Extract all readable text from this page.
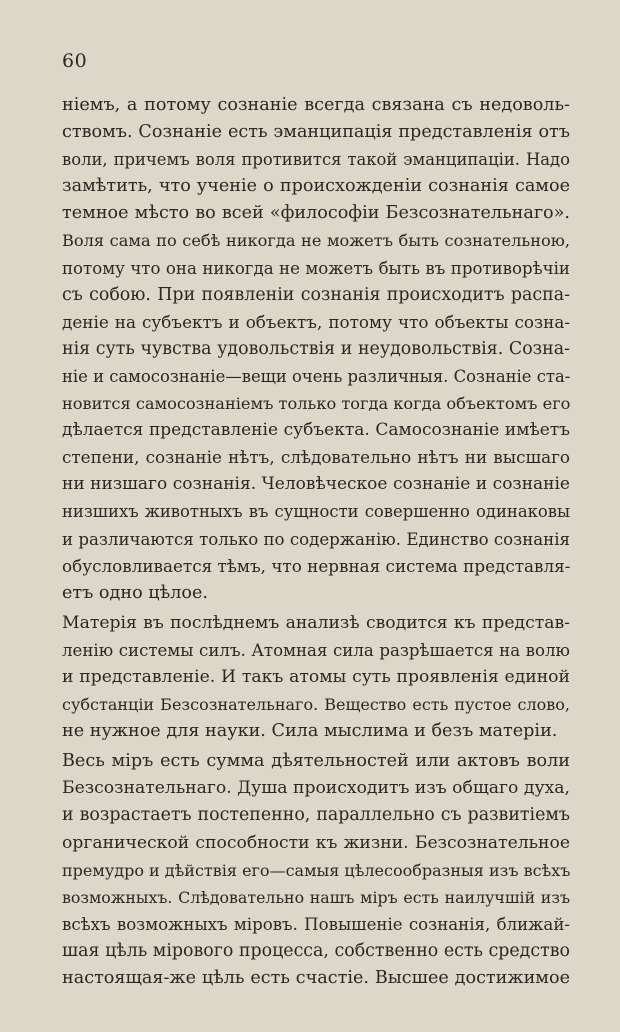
60
ніемъ, а потому сознаніе всегда связана съ недоволь-
ствомъ. Сознаніе есть эманципація представленія отъ
воли, причемъ воля противится такой эманципаціи. Надо
замѣтить, что ученіе о происхожденіи сознанія самое
темное мѣсто во всей «философіи Безсознательнаго».
Воля сама по себѣ никогда не можетъ быть сознательною,
потому что она никогда не можетъ быть въ противорѣчіи
съ собою. При появленіи сознанія происходитъ распа-
деніе на субъектъ и объектъ, потому что объекты созна-
нія суть чувства удовольствія и неудовольствія. Созна-
ніе и самосознаніе—вещи очень различныя. Сознаніе ста-
новится самосознаніемъ только тогда когда объектомъ его
дѣлается представленіе субъекта. Самосознаніе имѣетъ
степени, сознаніе нѣтъ, слѣдовательно нѣтъ ни высшаго
ни низшаго сознанія. Человѣческое сознаніе и сознаніе
низшихъ животныхъ въ сущности совершенно одинаковы
и различаются только по содержанію. Единство сознанія
обусловливается тѣмъ, что нервная система представля-
етъ одно цѣлое.
Матерія въ послѣднемъ анализѣ сводится къ представ-
ленію системы силъ. Атомная сила разрѣшается на волю
и представленіе. И такъ атомы суть проявленія единой
субстанціи Безсознательнаго. Вещество есть пустое слово,
не нужное для науки. Сила мыслима и безъ матеріи.
Весь міръ есть сумма дѣятельностей или актовъ воли
Безсознательнаго. Душа происходитъ изъ общаго духа,
и возрастаетъ постепенно, параллельно съ развитіемъ
органической способности къ жизни. Безсознательное
премудро и дѣйствія его—самыя цѣлесообразныя изъ всѣхъ
возможныхъ. Слѣдовательно нашъ міръ есть наилучшій изъ
всѣхъ возможныхъ міровъ. Повышеніе сознанія, ближай-
шая цѣль мірового процесса, собственно есть средство
настоящая-же цѣль есть счастіе. Высшее достижимое
